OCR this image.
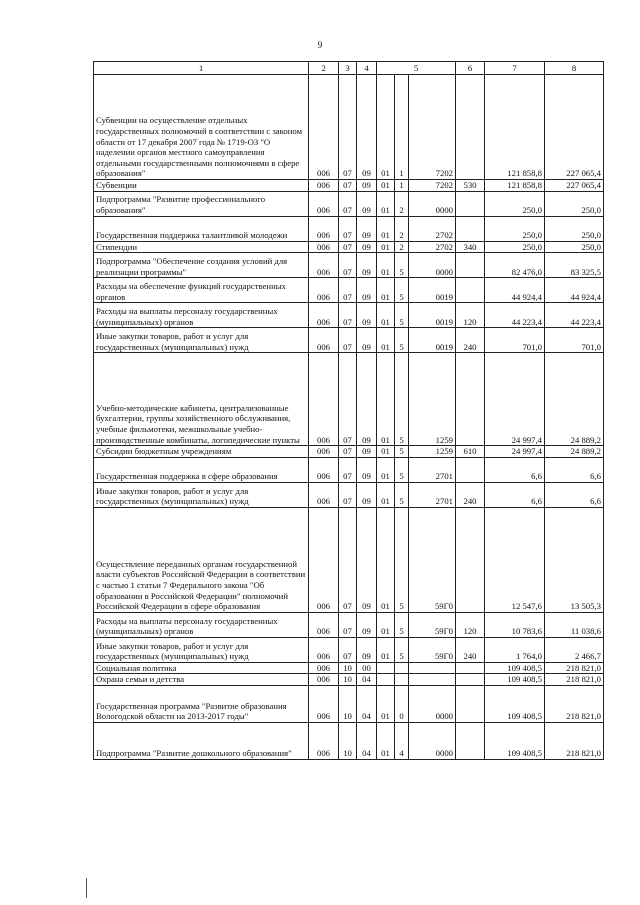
9
1	2	3	4	5			6	7	8
Субвенции на осуществление отдельных государственных полномочий в соответствии с законом области от 17 декабря 2007 года № 1719-ОЗ "О наделении органов местного самоуправления отдельными государственными полномочиями в сфере образования"	006	07	09	01	1	7202		121 858,8	227 065,4
Субвенции	006	07	09	01	1	7202	530	121 858,8	227 065,4
Подпрограмма "Развитие профессионального образования"	006	07	09	01	2	0000		250,0	250,0
Государственная поддержка талантливой молодежи	006	07	09	01	2	2702		250,0	250,0
Стипендии	006	07	09	01	2	2702	340	250,0	250,0
Подпрограмма "Обеспечение создания условий для реализации программы"	006	07	09	01	5	0000		82 476,0	83 325,5
Расходы на обеспечение функций государственных органов	006	07	09	01	5	0019		44 924,4	44 924,4
Расходы на выплаты персоналу государственных (муниципальных) органов	006	07	09	01	5	0019	120	44 223,4	44 223,4
Иные закупки товаров, работ и услуг для государственных (муниципальных) нужд	006	07	09	01	5	0019	240	701,0	701,0
Учебно-методические кабинеты, централизованные бухгалтерии, группы хозяйственного обслуживания, учебные фильмотеки, межшкольные учебно-производственные комбинаты, логопедические пункты	006	07	09	01	5	1259		24 997,4	24 889,2
Субсидии бюджетным учреждениям	006	07	09	01	5	1259	610	24 997,4	24 889,2
Государственная поддержка в сфере образования	006	07	09	01	5	2701		6,6	6,6
Иные закупки товаров, работ и услуг для государственных (муниципальных) нужд	006	07	09	01	5	2701	240	6,6	6,6
Осуществление переданных органам государственной власти субъектов Российской Федерации в соответствии с частью 1 статьи 7 Федерального закона "Об образовании в Российской Федерации" полномочий Российской Федерации в сфере образования	006	07	09	01	5	59Г0		12 547,6	13 505,3
Расходы на выплаты персоналу государственных (муниципальных) органов	006	07	09	01	5	59Г0	120	10 783,6	11 038,6
Иные закупки товаров, работ и услуг для государственных (муниципальных) нужд	006	07	09	01	5	59Г0	240	1 764,0	2 466,7
Социальная политика	006	10	00					109 408,5	218 821,0
Охрана семьи и детства	006	10	04					109 408,5	218 821,0
Государственная программа "Развитие образования Вологодской области на 2013-2017 годы"	006	10	04	01	0	0000		109 408,5	218 821,0
Подпрограмма "Развитие дошкольного образования"	006	10	04	01	4	0000		109 408,5	218 821,0
